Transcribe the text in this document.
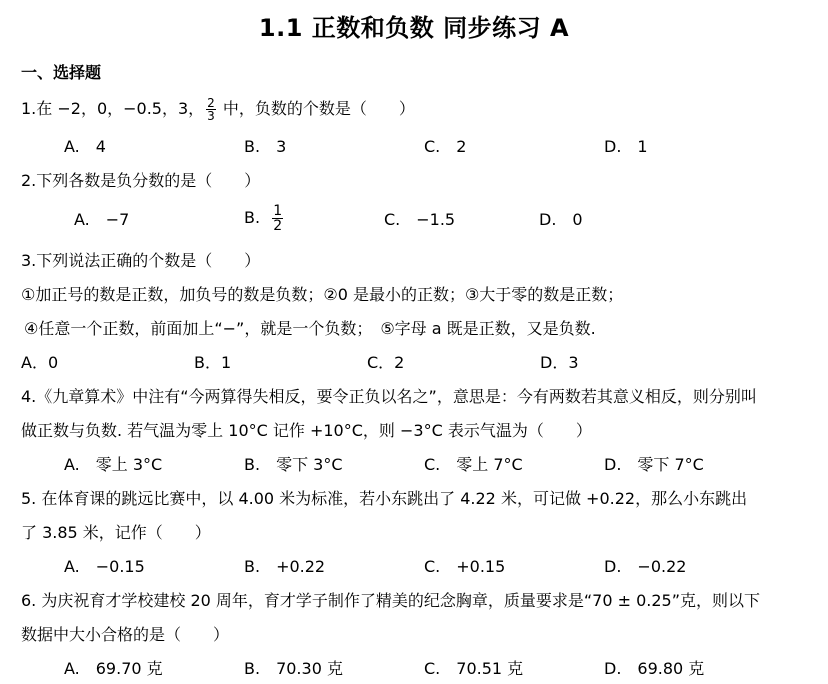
1.1 正数和负数 同步练习 A
一、选择题
1.在 −2，0，−0.5，3， $\frac{2}{3}$ 中，负数的个数是（　　）
A.　4	B.　3	C.　2	D.　1
2.下列各数是负分数的是（　　）
A.　−7	B. $\frac{1}{2}$	C.　−1.5	D.　0
3.下列说法正确的个数是（　　）
①加正号的数是正数，加负号的数是负数；②0 是最小的正数；③大于零的数是正数；
④任意一个正数，前面加上“−”，就是一个负数；　⑤字母 a 既是正数，又是负数.
A．0	B．1	C．2	D．3
4.《九章算术》中注有“今两算得失相反，要令正负以名之”，意思是：今有两数若其意义相反，则分别叫
做正数与负数. 若气温为零上 10°C 记作 +10°C，则 −3°C 表示气温为（　　）
A.　零上 3°C	B.　零下 3°C	C.　零上 7°C	D.　零下 7°C
5. 在体育课的跳远比赛中，以 4.00 米为标准，若小东跳出了 4.22 米，可记做 +0.22，那么小东跳出
了 3.85 米，记作（　　）
A.　−0.15	B.　+0.22	C.　+0.15	D.　−0.22
6. 为庆祝育才学校建校 20 周年，育才学子制作了精美的纪念胸章，质量要求是“70 ± 0.25”克，则以下
数据中大小合格的是（　　）
A.　69.70 克	B.　70.30 克	C.　70.51 克	D.　69.80 克
